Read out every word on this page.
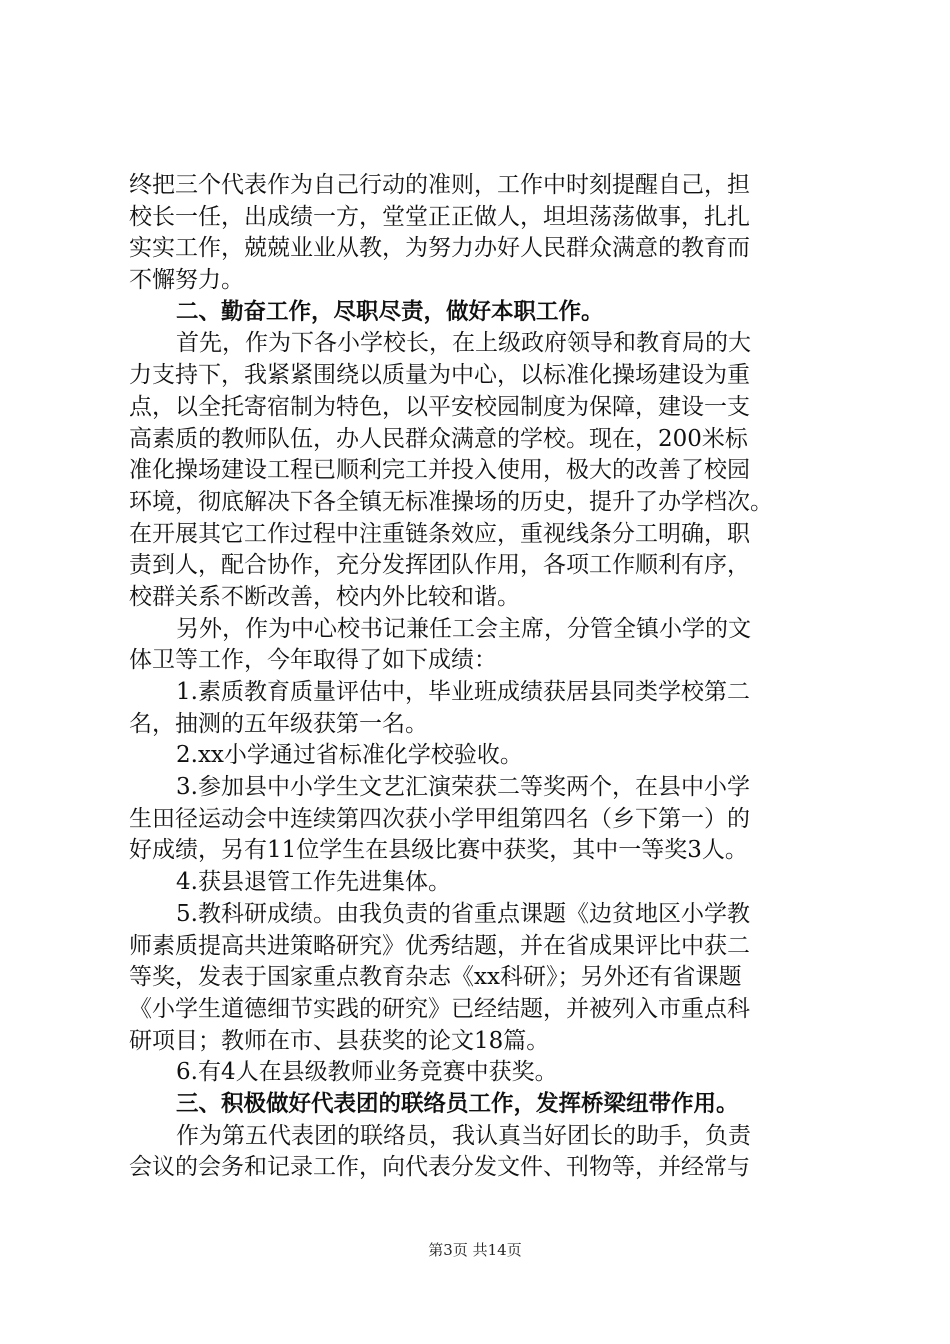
终把三个代表作为自己行动的准则，工作中时刻提醒自己，担
校长一任，出成绩一方，堂堂正正做人，坦坦荡荡做事，扎扎
实实工作，兢兢业业从教，为努力办好人民群众满意的教育而
不懈努力。
二、勤奋工作，尽职尽责，做好本职工作。
首先，作为下各小学校长，在上级政府领导和教育局的大
力支持下，我紧紧围绕以质量为中心，以标准化操场建设为重
点，以全托寄宿制为特色，以平安校园制度为保障，建设一支
高素质的教师队伍，办人民群众满意的学校。现在，200米标
准化操场建设工程已顺利完工并投入使用，极大的改善了校园
环境，彻底解决下各全镇无标准操场的历史，提升了办学档次。
在开展其它工作过程中注重链条效应，重视线条分工明确，职
责到人，配合协作，充分发挥团队作用，各项工作顺利有序，
校群关系不断改善，校内外比较和谐。
另外，作为中心校书记兼任工会主席，分管全镇小学的文
体卫等工作，今年取得了如下成绩：
1.素质教育质量评估中，毕业班成绩获居县同类学校第二
名，抽测的五年级获第一名。
2.xx小学通过省标准化学校验收。
3.参加县中小学生文艺汇演荣获二等奖两个，在县中小学
生田径运动会中连续第四次获小学甲组第四名（乡下第一）的
好成绩，另有11位学生在县级比赛中获奖，其中一等奖3人。
4.获县退管工作先进集体。
5.教科研成绩。由我负责的省重点课题《边贫地区小学教
师素质提高共进策略研究》优秀结题，并在省成果评比中获二
等奖，发表于国家重点教育杂志《xx科研》；另外还有省课题
《小学生道德细节实践的研究》已经结题，并被列入市重点科
研项目；教师在市、县获奖的论文18篇。
6.有4人在县级教师业务竞赛中获奖。
三、积极做好代表团的联络员工作，发挥桥梁纽带作用。
作为第五代表团的联络员，我认真当好团长的助手，负责
会议的会务和记录工作，向代表分发文件、刊物等，并经常与
第3页 共14页
